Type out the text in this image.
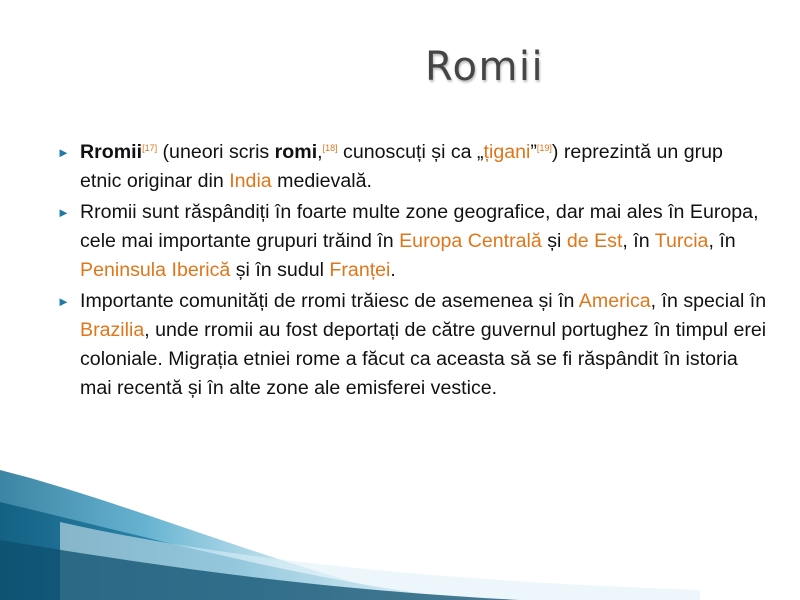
Romii
► Rromii[17] (uneori scris romi,[18] cunoscuți și ca „țigani”[19]) reprezintă un grup etnic originar din India medievală.
► Rromii sunt răspândiți în foarte multe zone geografice, dar mai ales în Europa, cele mai importante grupuri trăind în Europa Centrală și de Est, în Turcia, în Peninsula Iberică și în sudul Franței.
► Importante comunități de rromi trăiesc de asemenea și în America, în special în Brazilia, unde rromii au fost deportați de către guvernul portughez în timpul erei coloniale. Migrația etniei rome a făcut ca aceasta să se fi răspândit în istoria mai recentă și în alte zone ale emisferei vestice.
